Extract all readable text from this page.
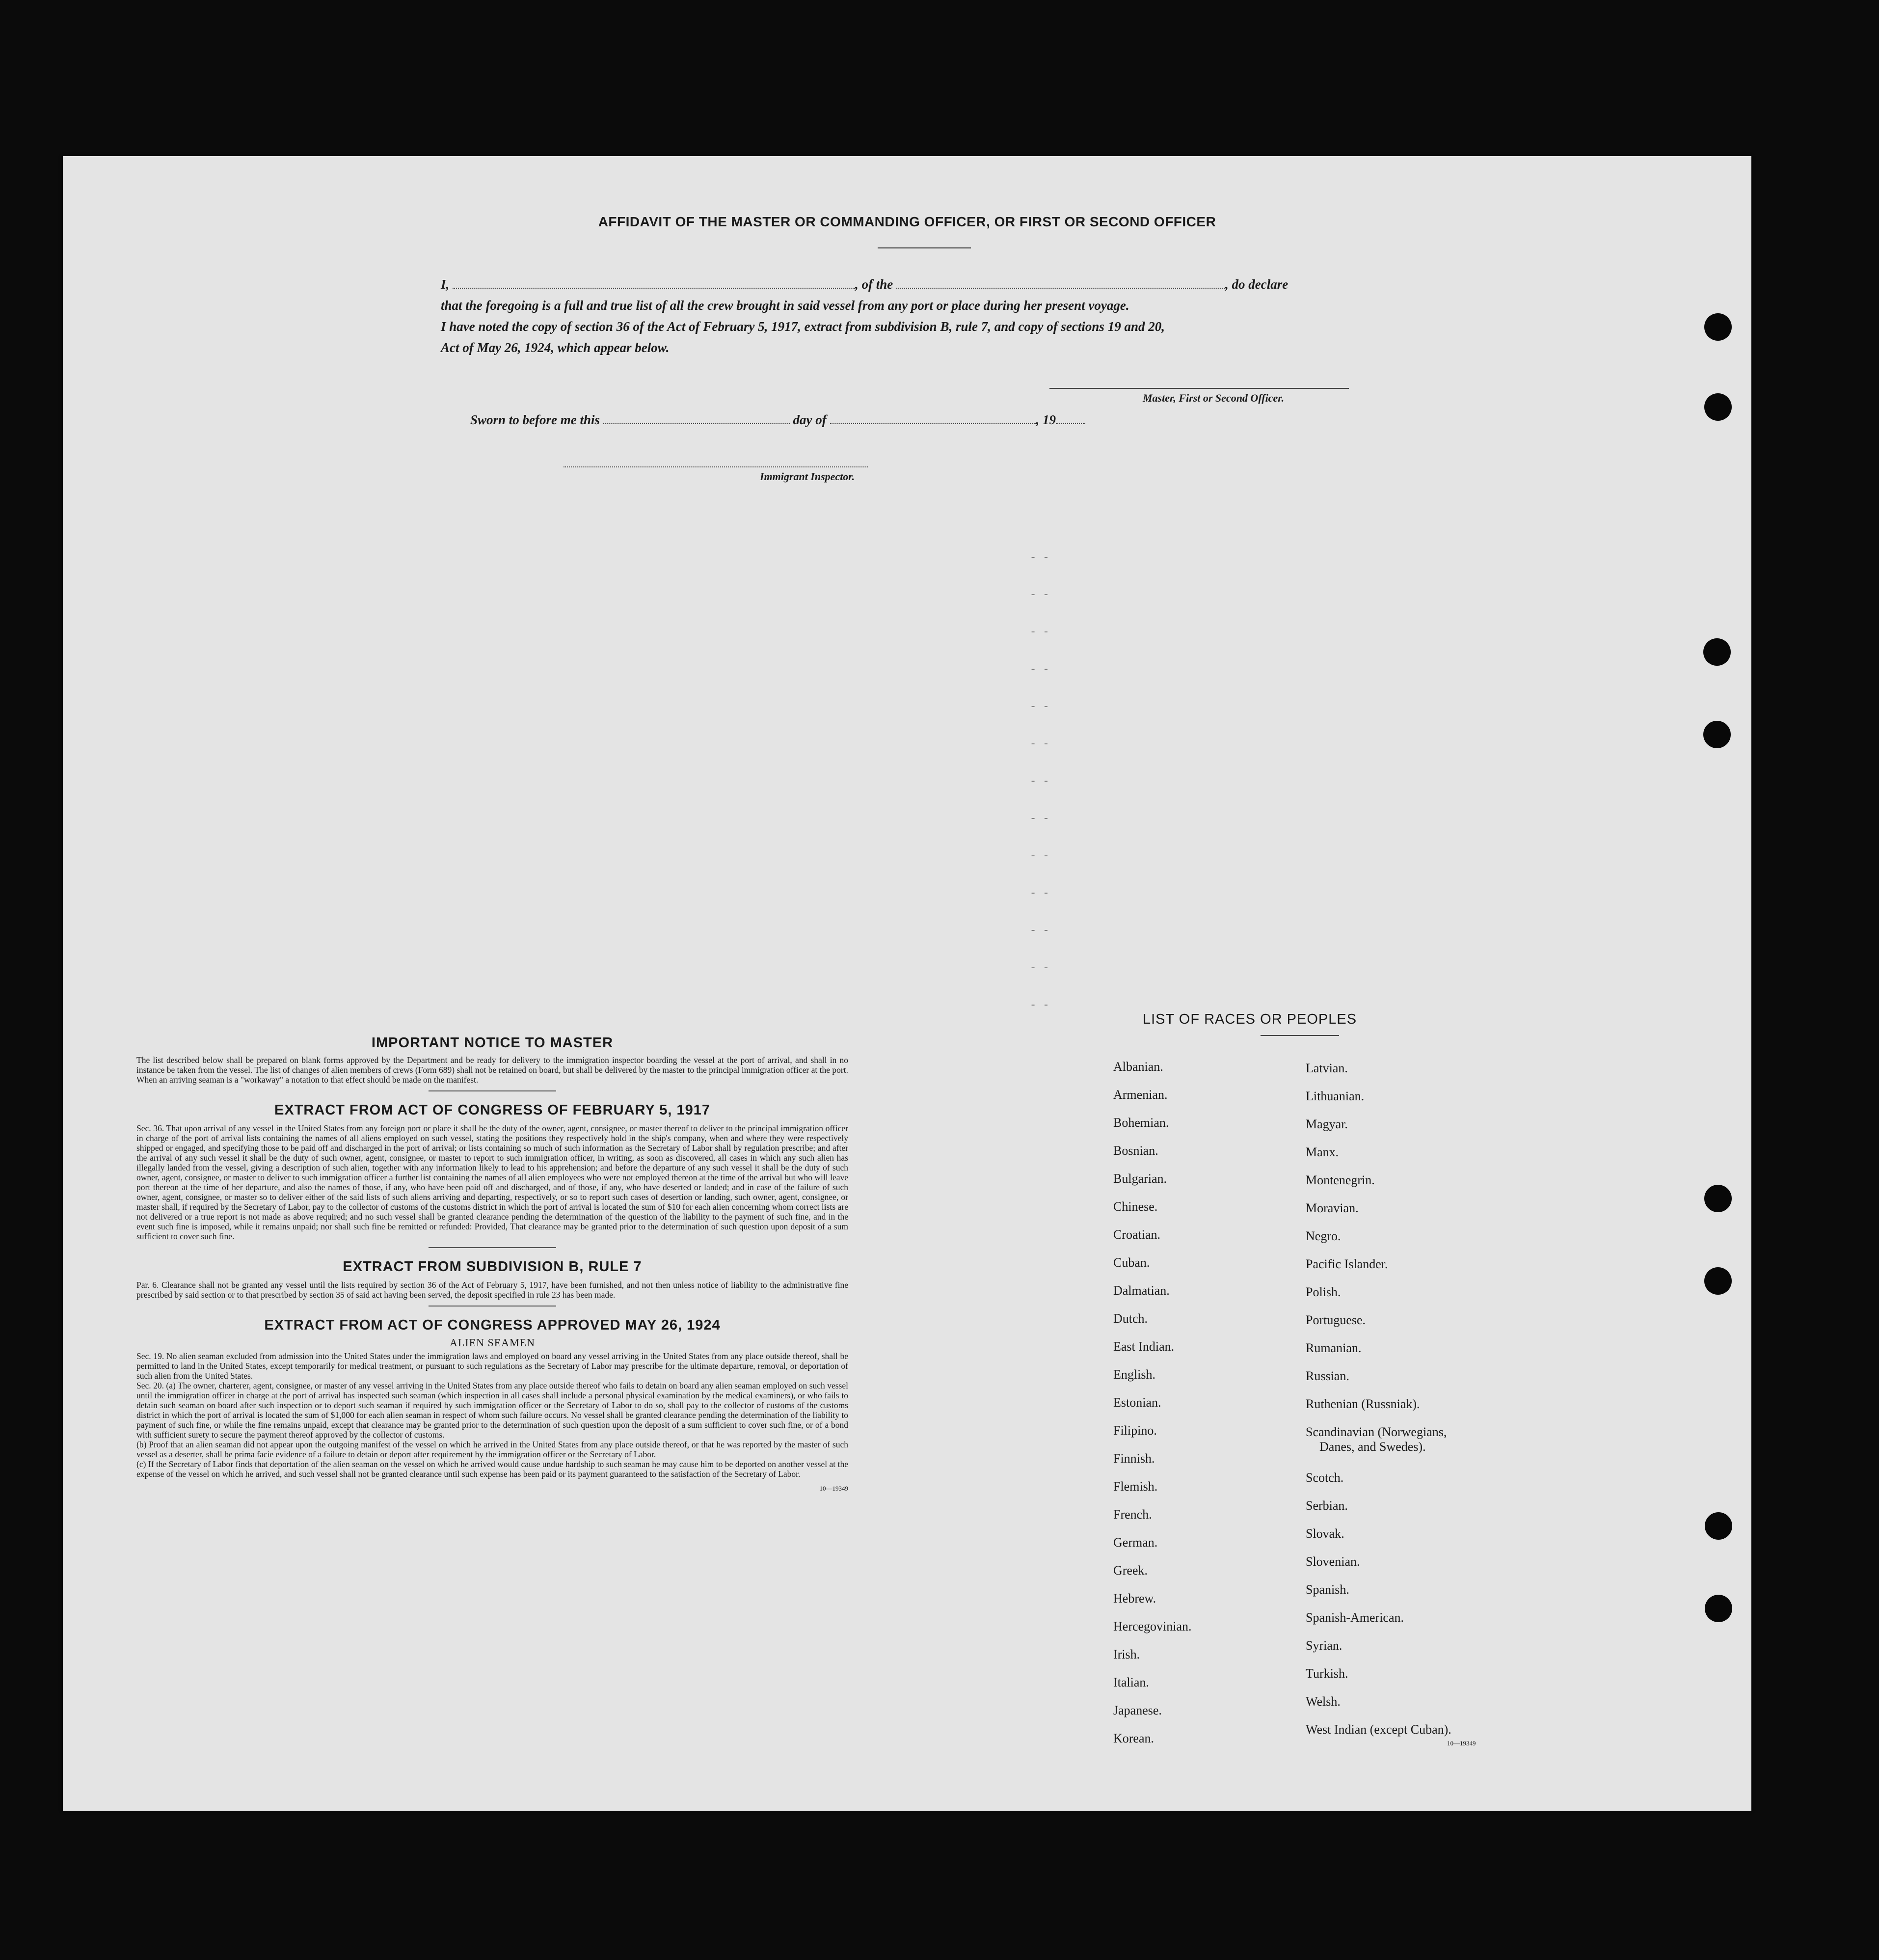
AFFIDAVIT OF THE MASTER OR COMMANDING OFFICER, OR FIRST OR SECOND OFFICER
I,	, of the	, do declare
that the foregoing is a full and true list of all the crew brought in said vessel from any port or place during her present voyage.
I have noted the copy of section 36 of the Act of February 5, 1917, extract from subdivision B, rule 7, and copy of sections 19 and 20,
Act of May 26, 1924, which appear below.
Master, First or Second Officer.
Sworn to before me this	day of	, 19
Immigrant Inspector.
- -
- -
- -
- -
- -
- -
- -
- -
- -
- -
- -
- -
- -
IMPORTANT NOTICE TO MASTER

The list described below shall be prepared on blank forms approved by the Department and be ready for delivery to the immigration inspector boarding the vessel at the port of arrival, and shall in no instance be taken from the vessel. The list of changes of alien members of crews (Form 689) shall not be retained on board, but shall be delivered by the master to the principal immigration officer at the port. When an arriving seaman is a "workaway" a notation to that effect should be made on the manifest.

EXTRACT FROM ACT OF CONGRESS OF FEBRUARY 5, 1917

Sec. 36. That upon arrival of any vessel in the United States from any foreign port or place it shall be the duty of the owner, agent, consignee, or master thereof to deliver to the principal immigration officer in charge of the port of arrival lists containing the names of all aliens employed on such vessel, stating the positions they respectively hold in the ship's company, when and where they were respectively shipped or engaged, and specifying those to be paid off and discharged in the port of arrival; or lists containing so much of such information as the Secretary of Labor shall by regulation prescribe; and after the arrival of any such vessel it shall be the duty of such owner, agent, consignee, or master to report to such immigration officer, in writing, as soon as discovered, all cases in which any such alien has illegally landed from the vessel, giving a description of such alien, together with any information likely to lead to his apprehension; and before the departure of any such vessel it shall be the duty of such owner, agent, consignee, or master to deliver to such immigration officer a further list containing the names of all alien employees who were not employed thereon at the time of the arrival but who will leave port thereon at the time of her departure, and also the names of those, if any, who have been paid off and discharged, and of those, if any, who have deserted or landed; and in case of the failure of such owner, agent, consignee, or master so to deliver either of the said lists of such aliens arriving and departing, respectively, or so to report such cases of desertion or landing, such owner, agent, consignee, or master shall, if required by the Secretary of Labor, pay to the collector of customs of the customs district in which the port of arrival is located the sum of $10 for each alien concerning whom correct lists are not delivered or a true report is not made as above required; and no such vessel shall be granted clearance pending the determination of the question of the liability to the payment of such fine, and in the event such fine is imposed, while it remains unpaid; nor shall such fine be remitted or refunded: Provided, That clearance may be granted prior to the determination of such question upon deposit of a sum sufficient to cover such fine.

EXTRACT FROM SUBDIVISION B, RULE 7

Par. 6. Clearance shall not be granted any vessel until the lists required by section 36 of the Act of February 5, 1917, have been furnished, and not then unless notice of liability to the administrative fine prescribed by said section or to that prescribed by section 35 of said act having been served, the deposit specified in rule 23 has been made.

EXTRACT FROM ACT OF CONGRESS APPROVED MAY 26, 1924
ALIEN SEAMEN

Sec. 19. No alien seaman excluded from admission into the United States under the immigration laws and employed on board any vessel arriving in the United States from any place outside thereof, shall be permitted to land in the United States, except temporarily for medical treatment, or pursuant to such regulations as the Secretary of Labor may prescribe for the ultimate departure, removal, or deportation of such alien from the United States.

Sec. 20. (a) The owner, charterer, agent, consignee, or master of any vessel arriving in the United States from any place outside thereof who fails to detain on board any alien seaman employed on such vessel until the immigration officer in charge at the port of arrival has inspected such seaman (which inspection in all cases shall include a personal physical examination by the medical examiners), or who fails to detain such seaman on board after such inspection or to deport such seaman if required by such immigration officer or the Secretary of Labor to do so, shall pay to the collector of customs of the customs district in which the port of arrival is located the sum of $1,000 for each alien seaman in respect of whom such failure occurs. No vessel shall be granted clearance pending the determination of the liability to payment of such fine, or while the fine remains unpaid, except that clearance may be granted prior to the determination of such question upon the deposit of a sum sufficient to cover such fine, or of a bond with sufficient surety to secure the payment thereof approved by the collector of customs.

(b) Proof that an alien seaman did not appear upon the outgoing manifest of the vessel on which he arrived in the United States from any place outside thereof, or that he was reported by the master of such vessel as a deserter, shall be prima facie evidence of a failure to detain or deport after requirement by the immigration officer or the Secretary of Labor.

(c) If the Secretary of Labor finds that deportation of the alien seaman on the vessel on which he arrived would cause undue hardship to such seaman he may cause him to be deported on another vessel at the expense of the vessel on which he arrived, and such vessel shall not be granted clearance until such expense has been paid or its payment guaranteed to the satisfaction of the Secretary of Labor.

10—19349
LIST OF RACES OR PEOPLES
Albanian.
Armenian.
Bohemian.
Bosnian.
Bulgarian.
Chinese.
Croatian.
Cuban.
Dalmatian.
Dutch.
East Indian.
English.
Estonian.
Filipino.
Finnish.
Flemish.
French.
German.
Greek.
Hebrew.
Hercegovinian.
Irish.
Italian.
Japanese.
Korean.
Latvian.
Lithuanian.
Magyar.
Manx.
Montenegrin.
Moravian.
Negro.
Pacific Islander.
Polish.
Portuguese.
Rumanian.
Russian.
Ruthenian (Russniak).
Scandinavian (Norwegians,
Danes, and Swedes).
Scotch.
Serbian.
Slovak.
Slovenian.
Spanish.
Spanish-American.
Syrian.
Turkish.
Welsh.
West Indian (except Cuban).
10—19349
